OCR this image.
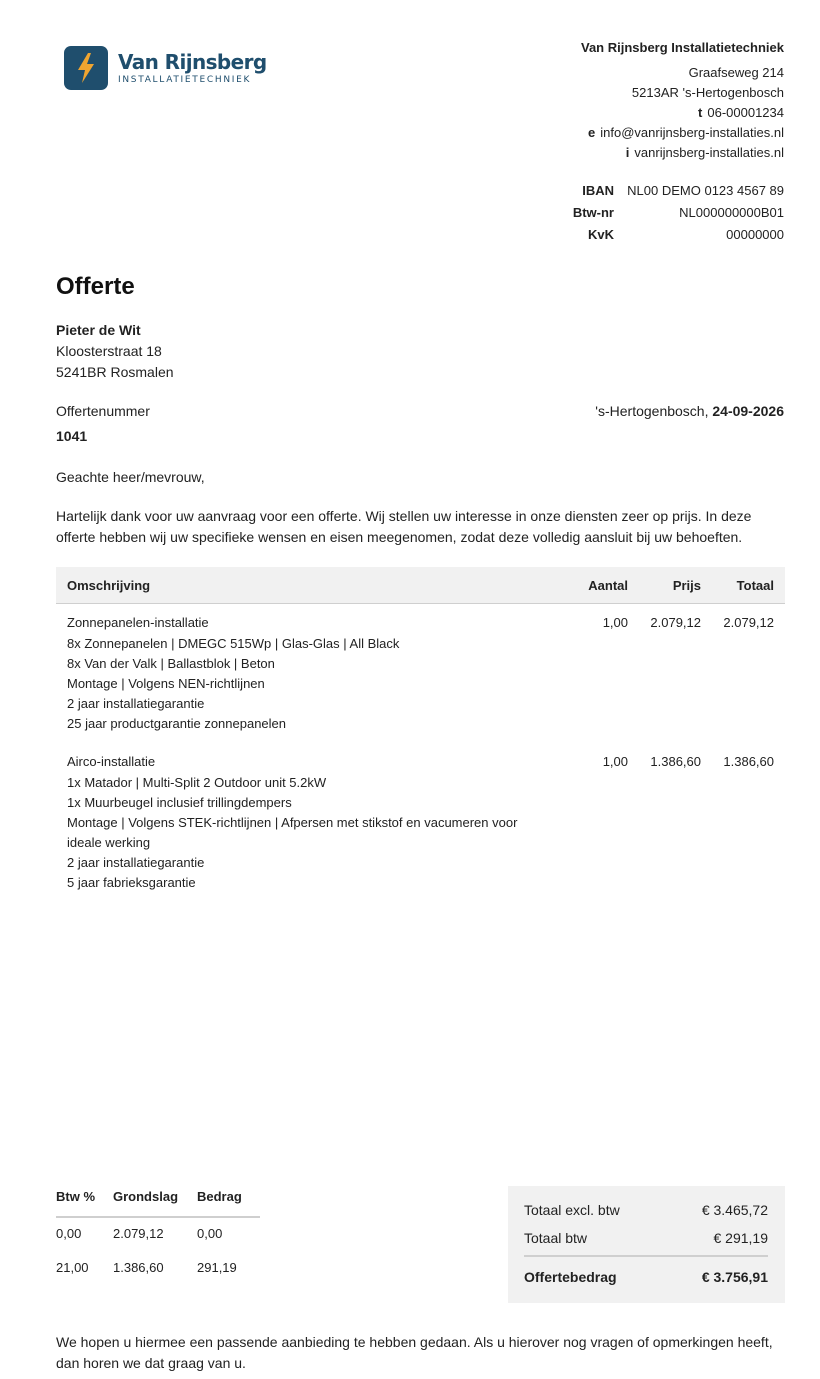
Van Rijnsberg
INSTALLATIETECHNIEK
Van Rijnsberg Installatietechniek
Graafseweg 214
5213AR 's-Hertogenbosch
t 06-00001234
e info@vanrijnsberg-installaties.nl
i vanrijnsberg-installaties.nl
IBAN	NL00 DEMO 0123 4567 89
Btw-nr	NL000000000B01
KvK	00000000
Offerte
Pieter de Wit
Kloosterstraat 18
5241BR Rosmalen
Offertenummer
1041
's-Hertogenbosch, 24-09-2026
Geachte heer/mevrouw,
Hartelijk dank voor uw aanvraag voor een offerte. Wij stellen uw interesse in onze diensten zeer op prijs. In deze offerte hebben wij uw specifieke wensen en eisen meegenomen, zodat deze volledig aansluit bij uw behoeften.
Omschrijving	Aantal	Prijs	Totaal
Zonnepanelen-installatie
8x Zonnepanelen | DMEGC 515Wp | Glas-Glas | All Black
8x Van der Valk | Ballastblok | Beton
Montage | Volgens NEN-richtlijnen
2 jaar installatiegarantie
25 jaar productgarantie zonnepanelen
1,00	2.079,12	2.079,12
Airco-installatie
1x Matador | Multi-Split 2 Outdoor unit 5.2kW
1x Muurbeugel inclusief trillingdempers
Montage | Volgens STEK-richtlijnen | Afpersen met stikstof en vacumeren voor
ideale werking
2 jaar installatiegarantie
5 jaar fabrieksgarantie
1,00	1.386,60	1.386,60
Btw %	Grondslag	Bedrag
0,00	2.079,12	0,00
21,00	1.386,60	291,19
Totaal excl. btw	€ 3.465,72
Totaal btw	€ 291,19
Offertebedrag	€ 3.756,91
We hopen u hiermee een passende aanbieding te hebben gedaan. Als u hierover nog vragen of opmerkingen heeft, dan horen we dat graag van u.
